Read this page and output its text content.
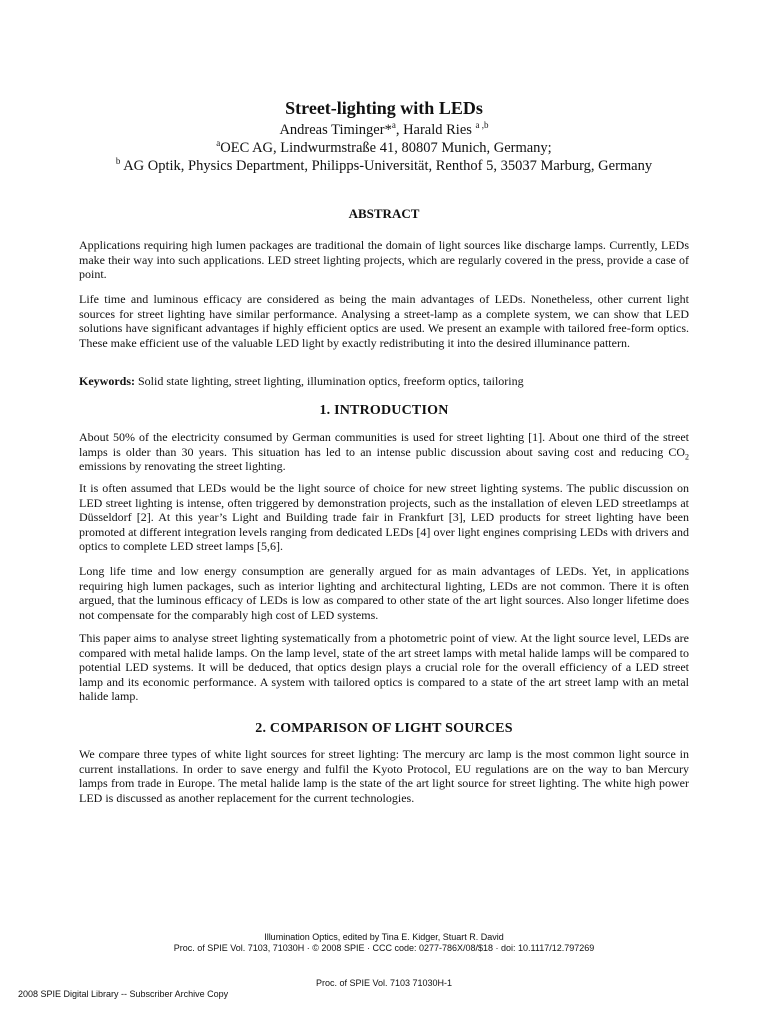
Street-lighting with LEDs
Andreas Timinger*$^a$, Harald Ries $^{a ,b}$
$^a$OEC AG, Lindwurmstraße 41, 80807 Munich, Germany;
$^b$ AG Optik, Physics Department, Philipps-Universität, Renthof 5, 35037 Marburg, Germany
ABSTRACT
Applications requiring high lumen packages are traditional the domain of light sources like discharge lamps. Currently, LEDs make their way into such applications. LED street lighting projects, which are regularly covered in the press, provide a case of point.
Life time and luminous efficacy are considered as being the main advantages of LEDs. Nonetheless, other current light sources for street lighting have similar performance. Analysing a street-lamp as a complete system, we can show that LED solutions have significant advantages if highly efficient optics are used. We present an example with tailored free-form optics. These make efficient use of the valuable LED light by exactly redistributing it into the desired illuminance pattern.
Keywords: Solid state lighting, street lighting, illumination optics, freeform optics, tailoring
1. INTRODUCTION
About 50% of the electricity consumed by German communities is used for street lighting [1]. About one third of the street lamps is older than 30 years. This situation has led to an intense public discussion about saving cost and reducing $CO_2$ emissions by renovating the street lighting.
It is often assumed that LEDs would be the light source of choice for new street lighting systems. The public discussion on LED street lighting is intense, often triggered by demonstration projects, such as the installation of eleven LED streetlamps at Düsseldorf [2]. At this year’s Light and Building trade fair in Frankfurt [3], LED products for street lighting have been promoted at different integration levels ranging from dedicated LEDs [4] over light engines comprising LEDs with drivers and optics to complete LED street lamps [5,6].
Long life time and low energy consumption are generally argued for as main advantages of LEDs. Yet, in applications requiring high lumen packages, such as interior lighting and architectural lighting, LEDs are not common. There it is often argued, that the luminous efficacy of LEDs is low as compared to other state of the art light sources. Also longer lifetime does not compensate for the comparably high cost of LED systems.
This paper aims to analyse street lighting systematically from a photometric point of view. At the light source level, LEDs are compared with metal halide lamps. On the lamp level, state of the art street lamps with metal halide lamps will be compared to potential LED systems. It will be deduced, that optics design plays a crucial role for the overall efficiency of a LED street lamp and its economic performance. A system with tailored optics is compared to a state of the art street lamp with an metal halide lamp.
2. COMPARISON OF LIGHT SOURCES
We compare three types of white light sources for street lighting: The mercury arc lamp is the most common light source in current installations. In order to save energy and fulfil the Kyoto Protocol, EU regulations are on the way to ban Mercury lamps from trade in Europe. The metal halide lamp is the state of the art light source for street lighting. The white high power LED is discussed as another replacement for the current technologies.
Illumination Optics, edited by Tina E. Kidger, Stuart R. David
Proc. of SPIE Vol. 7103, 71030H · © 2008 SPIE · CCC code: 0277-786X/08/$18 · doi: 10.1117/12.797269
Proc. of SPIE Vol. 7103 71030H-1
2008 SPIE Digital Library -- Subscriber Archive Copy
